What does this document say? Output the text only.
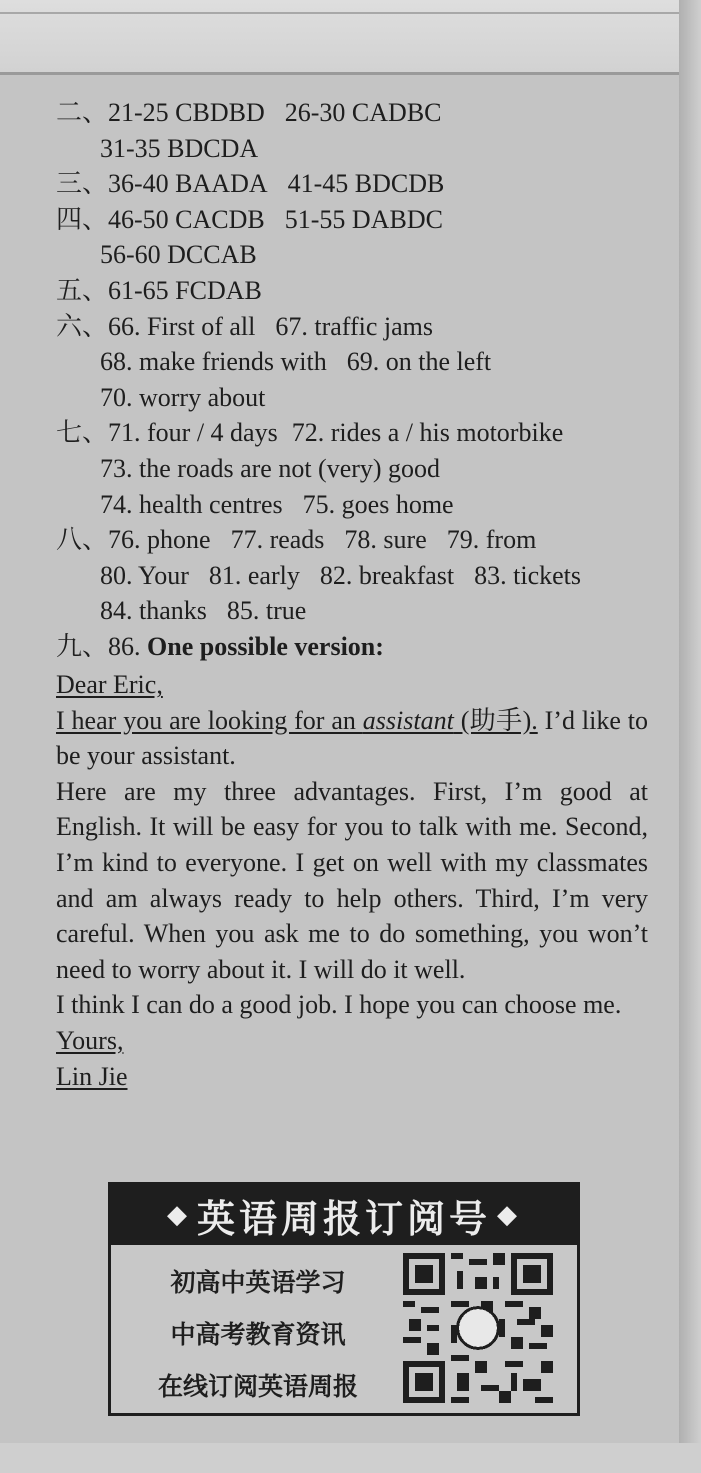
二、21-25 CBDBD 26-30 CADBC
31-35 BDCDA
三、36-40 BAADA 41-45 BDCDB
四、46-50 CACDB 51-55 DABDC
56-60 DCCAB
五、61-65 FCDAB
六、66. First of all 67. traffic jams
68. make friends with 69. on the left
70. worry about
七、71. four / 4 days 72. rides a / his motorbike
73. the roads are not (very) good
74. health centres 75. goes home
八、76. phone 77. reads 78. sure 79. from
80. Your 81. early 82. breakfast 83. tickets
84. thanks 85. true
九、86. One possible version:
Dear Eric,
I hear you are looking for an assistant (助手). I’d like to be your assistant.
Here are my three advantages. First, I’m good at English. It will be easy for you to talk with me. Second, I’m kind to everyone. I get on well with my classmates and am always ready to help others. Third, I’m very careful. When you ask me to do something, you won’t need to worry about it. I will do it well.
I think I can do a good job. I hope you can choose me.
Yours,
Lin Jie
◆ 英语周报订阅号 ◆
初高中英语学习
中高考教育资讯
在线订阅英语周报
